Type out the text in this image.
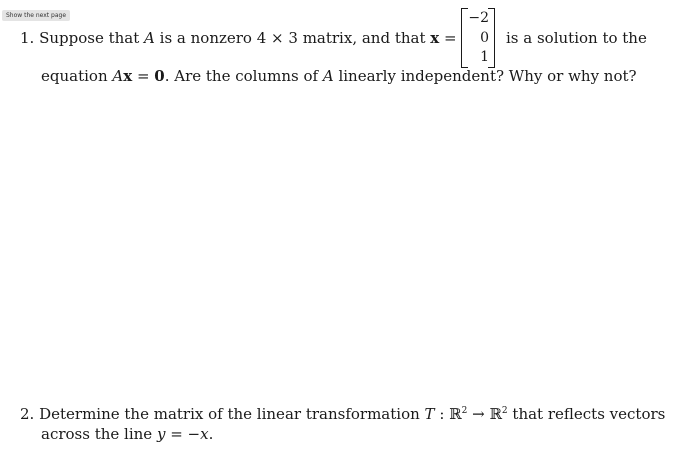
Show the next page
1. Suppose that A is a nonzero 4 × 3 matrix, and that x =
−2
0
1
is a solution to the
equation Ax = 0. Are the columns of A linearly independent? Why or why not?
2. Determine the matrix of the linear transformation T : ℝ$^2$ → ℝ$^2$ that reflects vectors
across the line y = −x.
